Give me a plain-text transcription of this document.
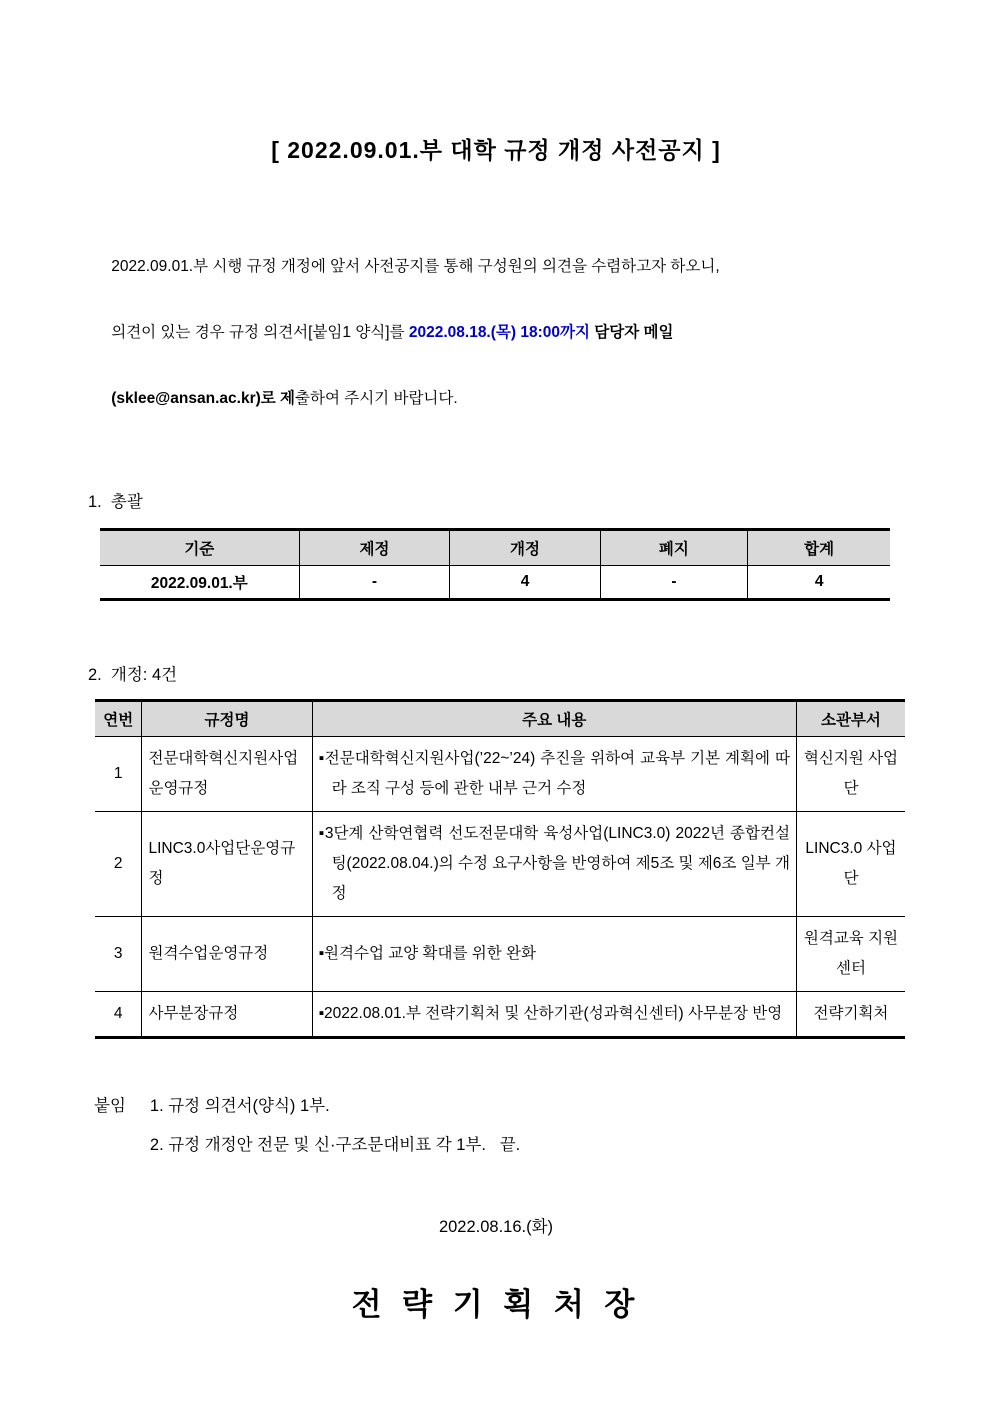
[ 2022.09.01.부 대학 규정 개정 사전공지 ]

2022.09.01.부 시행 규정 개정에 앞서 사전공지를 통해 구성원의 의견을 수렴하고자 하오니,

의견이 있는 경우 규정 의견서[붙임1 양식]를 2022.08.18.(목) 18:00까지 담당자 메일

(sklee@ansan.ac.kr)로 제출하여 주시기 바랍니다.

1.  총괄
기준	제정	개정	폐지	합계
2022.09.01.부	-	4	-	4
2.  개정: 4건
연번	규정명	주요 내용	소관부서
1	전문대학혁신지원사업운영규정	▪전문대학혁신지원사업(’22~’24) 추진을 위하여 교육부 기본 계획에 따라 조직 구성 등에 관한 내부 근거 수정	혁신지원 사업단
2	LINC3.0사업단운영규정	▪3단계 산학연협력 선도전문대학 육성사업(LINC3.0) 2022년 종합컨설팅(2022.08.04.)의 수정 요구사항을 반영하여 제5조 및 제6조 일부 개정	LINC3.0 사업단
3	원격수업운영규정	▪원격수업 교양 확대를 위한 완화	원격교육 지원센터
4	사무분장규정	▪2022.08.01.부 전략기획처 및 산하기관(성과혁신센터) 사무분장 반영	전략기획처
붙임 1. 규정 의견서(양식) 1부.
2. 규정 개정안 전문 및 신·구조문대비표 각 1부.   끝.
2022.08.16.(화)
전 략 기 획 처 장
